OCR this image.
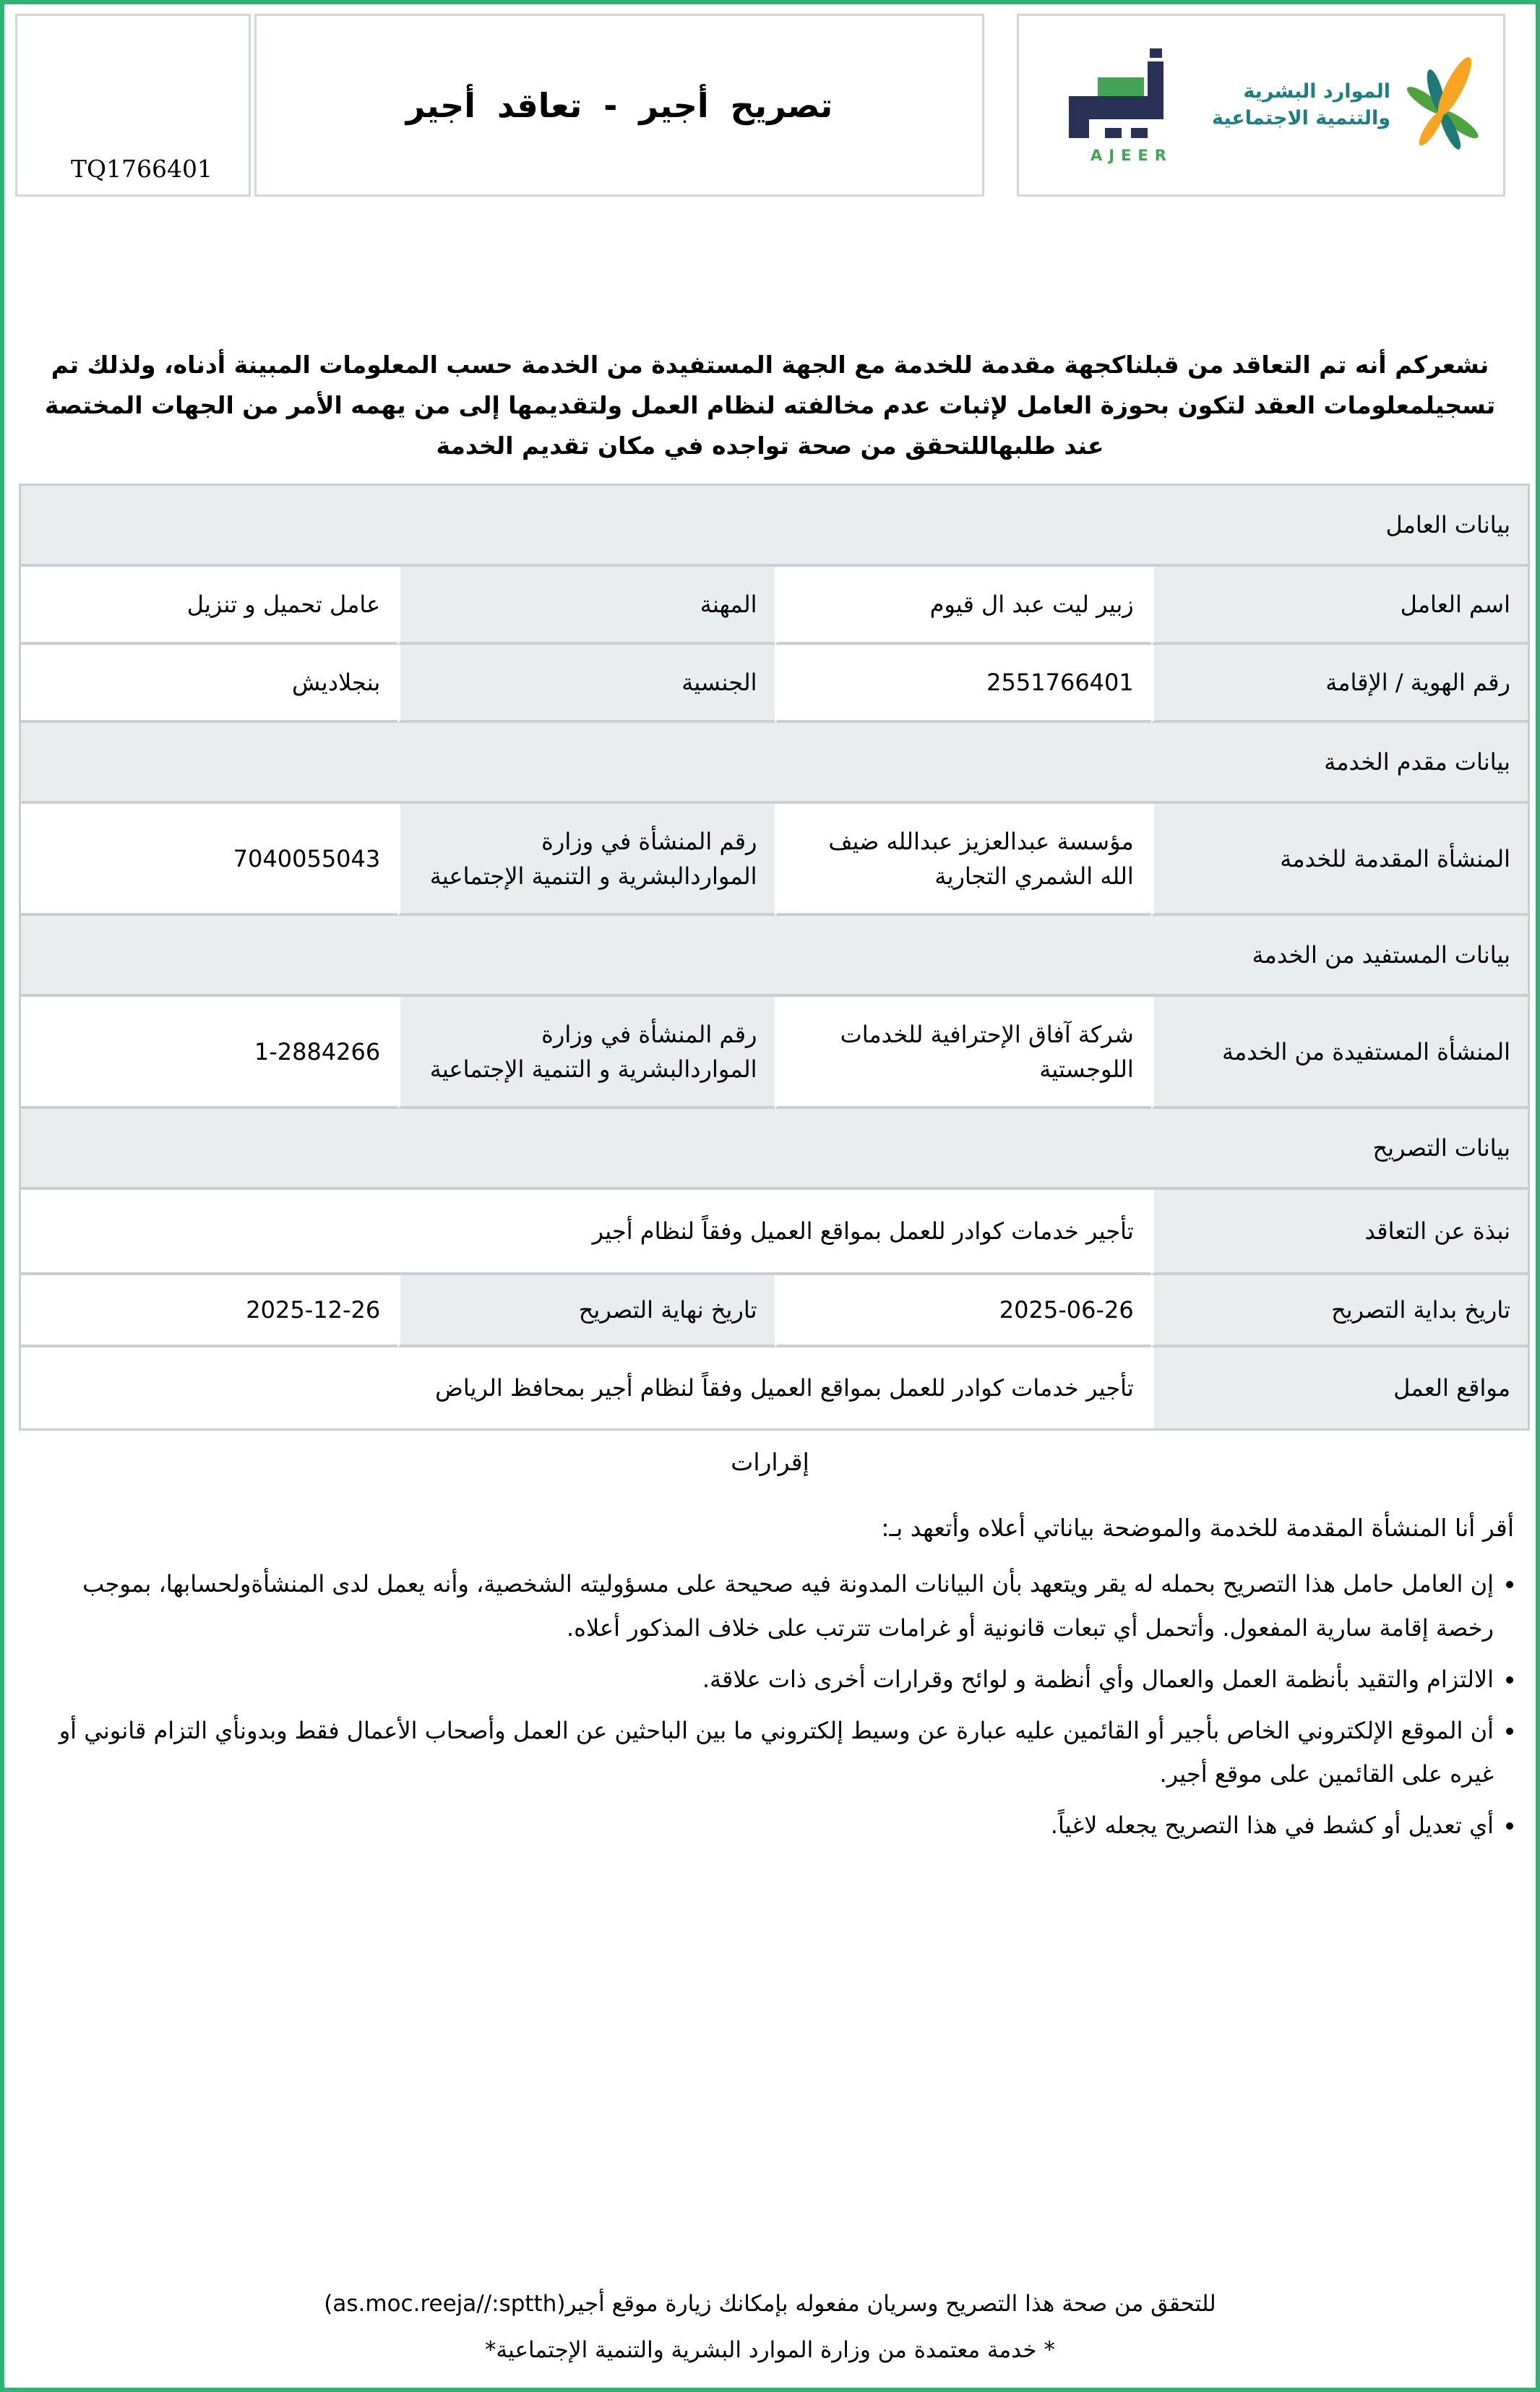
TQ1766401
تصريح أجير - تعاقد أجير	الموارد البشرية
والتنمية الاجتماعية
AJEER

نشعركم أنه تم التعاقد من قبلناكجهة مقدمة للخدمة مع الجهة المستفيدة من الخدمة حسب المعلومات المبينة أدناه، ولذلك تم تسجيلمعلومات العقد لتكون بحوزة العامل لإثبات عدم مخالفته لنظام العمل ولتقديمها إلى من يهمه الأمر من الجهات المختصة عند طلبهاللتحقق من صحة تواجده في مكان تقديم الخدمة

بيانات العامل			
اسم العامل	زبير ليت عبد ال قيوم	المهنة	عامل تحميل و تنزيل
رقم الهوية / الإقامة	2551766401	الجنسية	بنجلاديش
بيانات مقدم الخدمة			
المنشأة المقدمة للخدمة	مؤسسة عبدالعزيز عبدالله ضيف الله الشمري التجارية	رقم المنشأة في وزارة المواردالبشرية و التنمية الإجتماعية	7040055043
بيانات المستفيد من الخدمة			
المنشأة المستفيدة من الخدمة	شركة آفاق الإحترافية للخدمات اللوجستية	رقم المنشأة في وزارة المواردالبشرية و التنمية الإجتماعية	1-2884266
بيانات التصريح			
نبذة عن التعاقد	تأجير خدمات كوادر للعمل بمواقع العميل وفقاً لنظام أجير		
تاريخ بداية التصريح	2025-06-26	تاريخ نهاية التصريح	2025-12-26
مواقع العمل	تأجير خدمات كوادر للعمل بمواقع العميل وفقاً لنظام أجير بمحافظ الرياض		
إقرارات
أقر أنا المنشأة المقدمة للخدمة والموضحة بياناتي أعلاه وأتعهد بـ:
• إن العامل حامل هذا التصريح بحمله له يقر ويتعهد بأن البيانات المدونة فيه صحيحة على مسؤوليته الشخصية، وأنه يعمل لدى المنشأةولحسابها، بموجب رخصة إقامة سارية المفعول. وأتحمل أي تبعات قانونية أو غرامات تترتب على خلاف المذكور أعلاه.
• الالتزام والتقيد بأنظمة العمل والعمال وأي أنظمة و لوائح وقرارات أخرى ذات علاقة.
• أن الموقع الإلكتروني الخاص بأجير أو القائمين عليه عبارة عن وسيط إلكتروني ما بين الباحثين عن العمل وأصحاب الأعمال فقط وبدونأي التزام قانوني أو غيره على القائمين على موقع أجير.
• أي تعديل أو كشط في هذا التصريح يجعله لاغياً.
للتحقق من صحة هذا التصريح وسريان مفعوله بإمكانك زيارة موقع أجير(as.moc.reeja//:sptth)
* خدمة معتمدة من وزارة الموارد البشرية والتنمية الإجتماعية*
